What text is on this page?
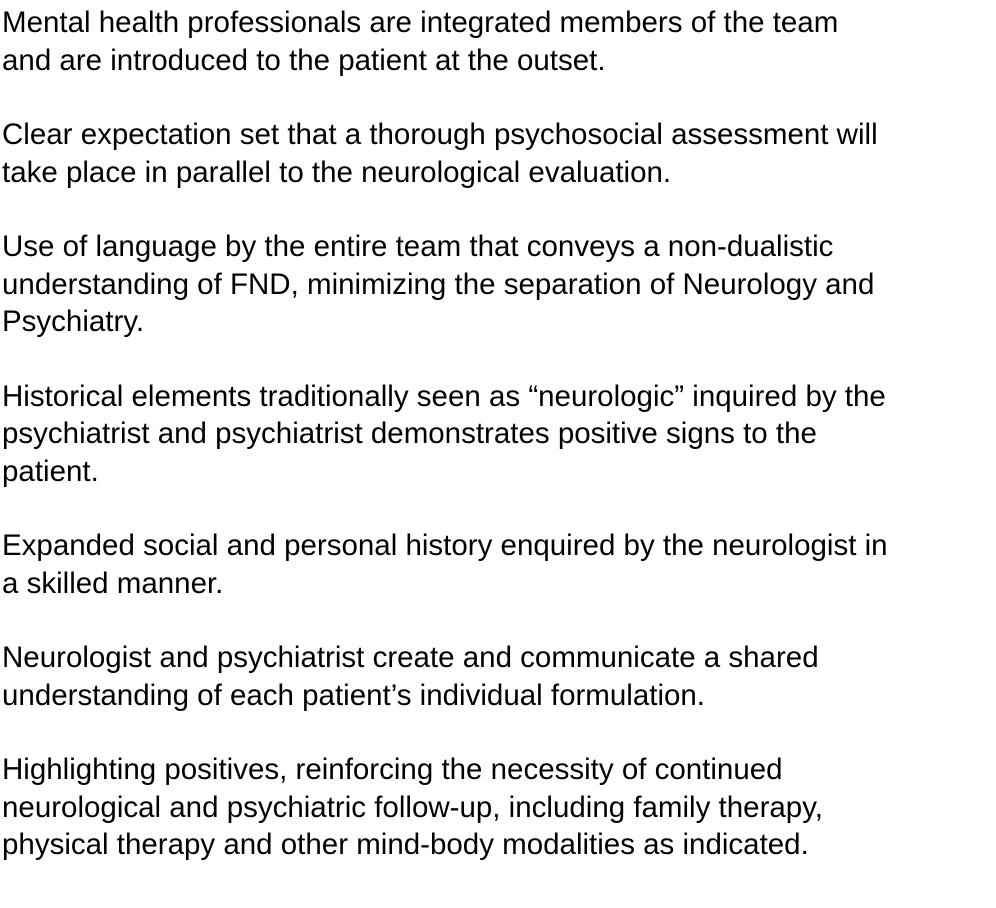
Mental health professionals are integrated members of the team
and are introduced to the patient at the outset.

Clear expectation set that a thorough psychosocial assessment will
take place in parallel to the neurological evaluation.

Use of language by the entire team that conveys a non-dualistic
understanding of FND, minimizing the separation of Neurology and
Psychiatry.

Historical elements traditionally seen as “neurologic” inquired by the
psychiatrist and psychiatrist demonstrates positive signs to the
patient.

Expanded social and personal history enquired by the neurologist in
a skilled manner.

Neurologist and psychiatrist create and communicate a shared
understanding of each patient’s individual formulation.

Highlighting positives, reinforcing the necessity of continued
neurological and psychiatric follow-up, including family therapy,
physical therapy and other mind-body modalities as indicated.
